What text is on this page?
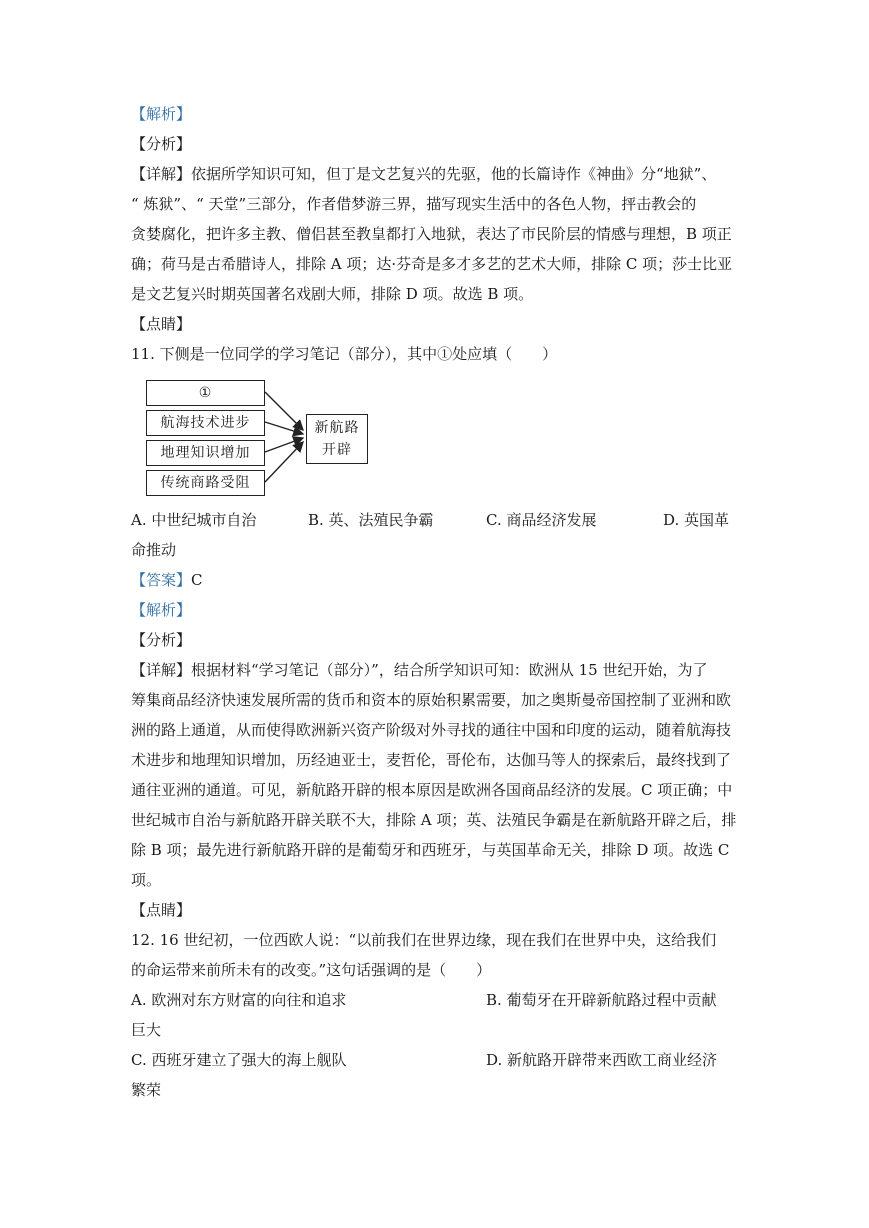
【解析】
【分析】
【详解】依据所学知识可知，但丁是文艺复兴的先驱，他的长篇诗作《神曲》分“地狱”、
“ 炼狱”、“ 天堂”三部分，作者借梦游三界，描写现实生活中的各色人物，抨击教会的
贪婪腐化，把许多主教、僧侣甚至教皇都打入地狱，表达了市民阶层的情感与理想，B 项正
确；荷马是古希腊诗人，排除 A 项；达·芬奇是多才多艺的艺术大师，排除 C 项；莎士比亚
是文艺复兴时期英国著名戏剧大师，排除 D 项。故选 B 项。
【点睛】
11. 下侧是一位同学的学习笔记（部分），其中①处应填（　　）
①
航海技术进步
地理知识增加
传统商路受阻
新航路
开辟
A. 中世纪城市自治	B. 英、法殖民争霸	C. 商品经济发展	D. 英国革
命推动
【答案】C
【解析】
【分析】
【详解】根据材料“学习笔记（部分）”，结合所学知识可知：欧洲从 15 世纪开始，为了
筹集商品经济快速发展所需的货币和资本的原始积累需要，加之奥斯曼帝国控制了亚洲和欧
洲的路上通道，从而使得欧洲新兴资产阶级对外寻找的通往中国和印度的运动，随着航海技
术进步和地理知识增加，历经迪亚士，麦哲伦，哥伦布，达伽马等人的探索后，最终找到了
通往亚洲的通道。可见，新航路开辟的根本原因是欧洲各国商品经济的发展。C 项正确；中
世纪城市自治与新航路开辟关联不大，排除 A 项；英、法殖民争霸是在新航路开辟之后，排
除 B 项；最先进行新航路开辟的是葡萄牙和西班牙，与英国革命无关，排除 D 项。故选 C
项。
【点睛】
12. 16 世纪初，一位西欧人说：“以前我们在世界边缘，现在我们在世界中央，这给我们
的命运带来前所未有的改变。”这句话强调的是（　　）
A. 欧洲对东方财富的向往和追求	B. 葡萄牙在开辟新航路过程中贡献
巨大
C. 西班牙建立了强大的海上舰队	D. 新航路开辟带来西欧工商业经济
繁荣
